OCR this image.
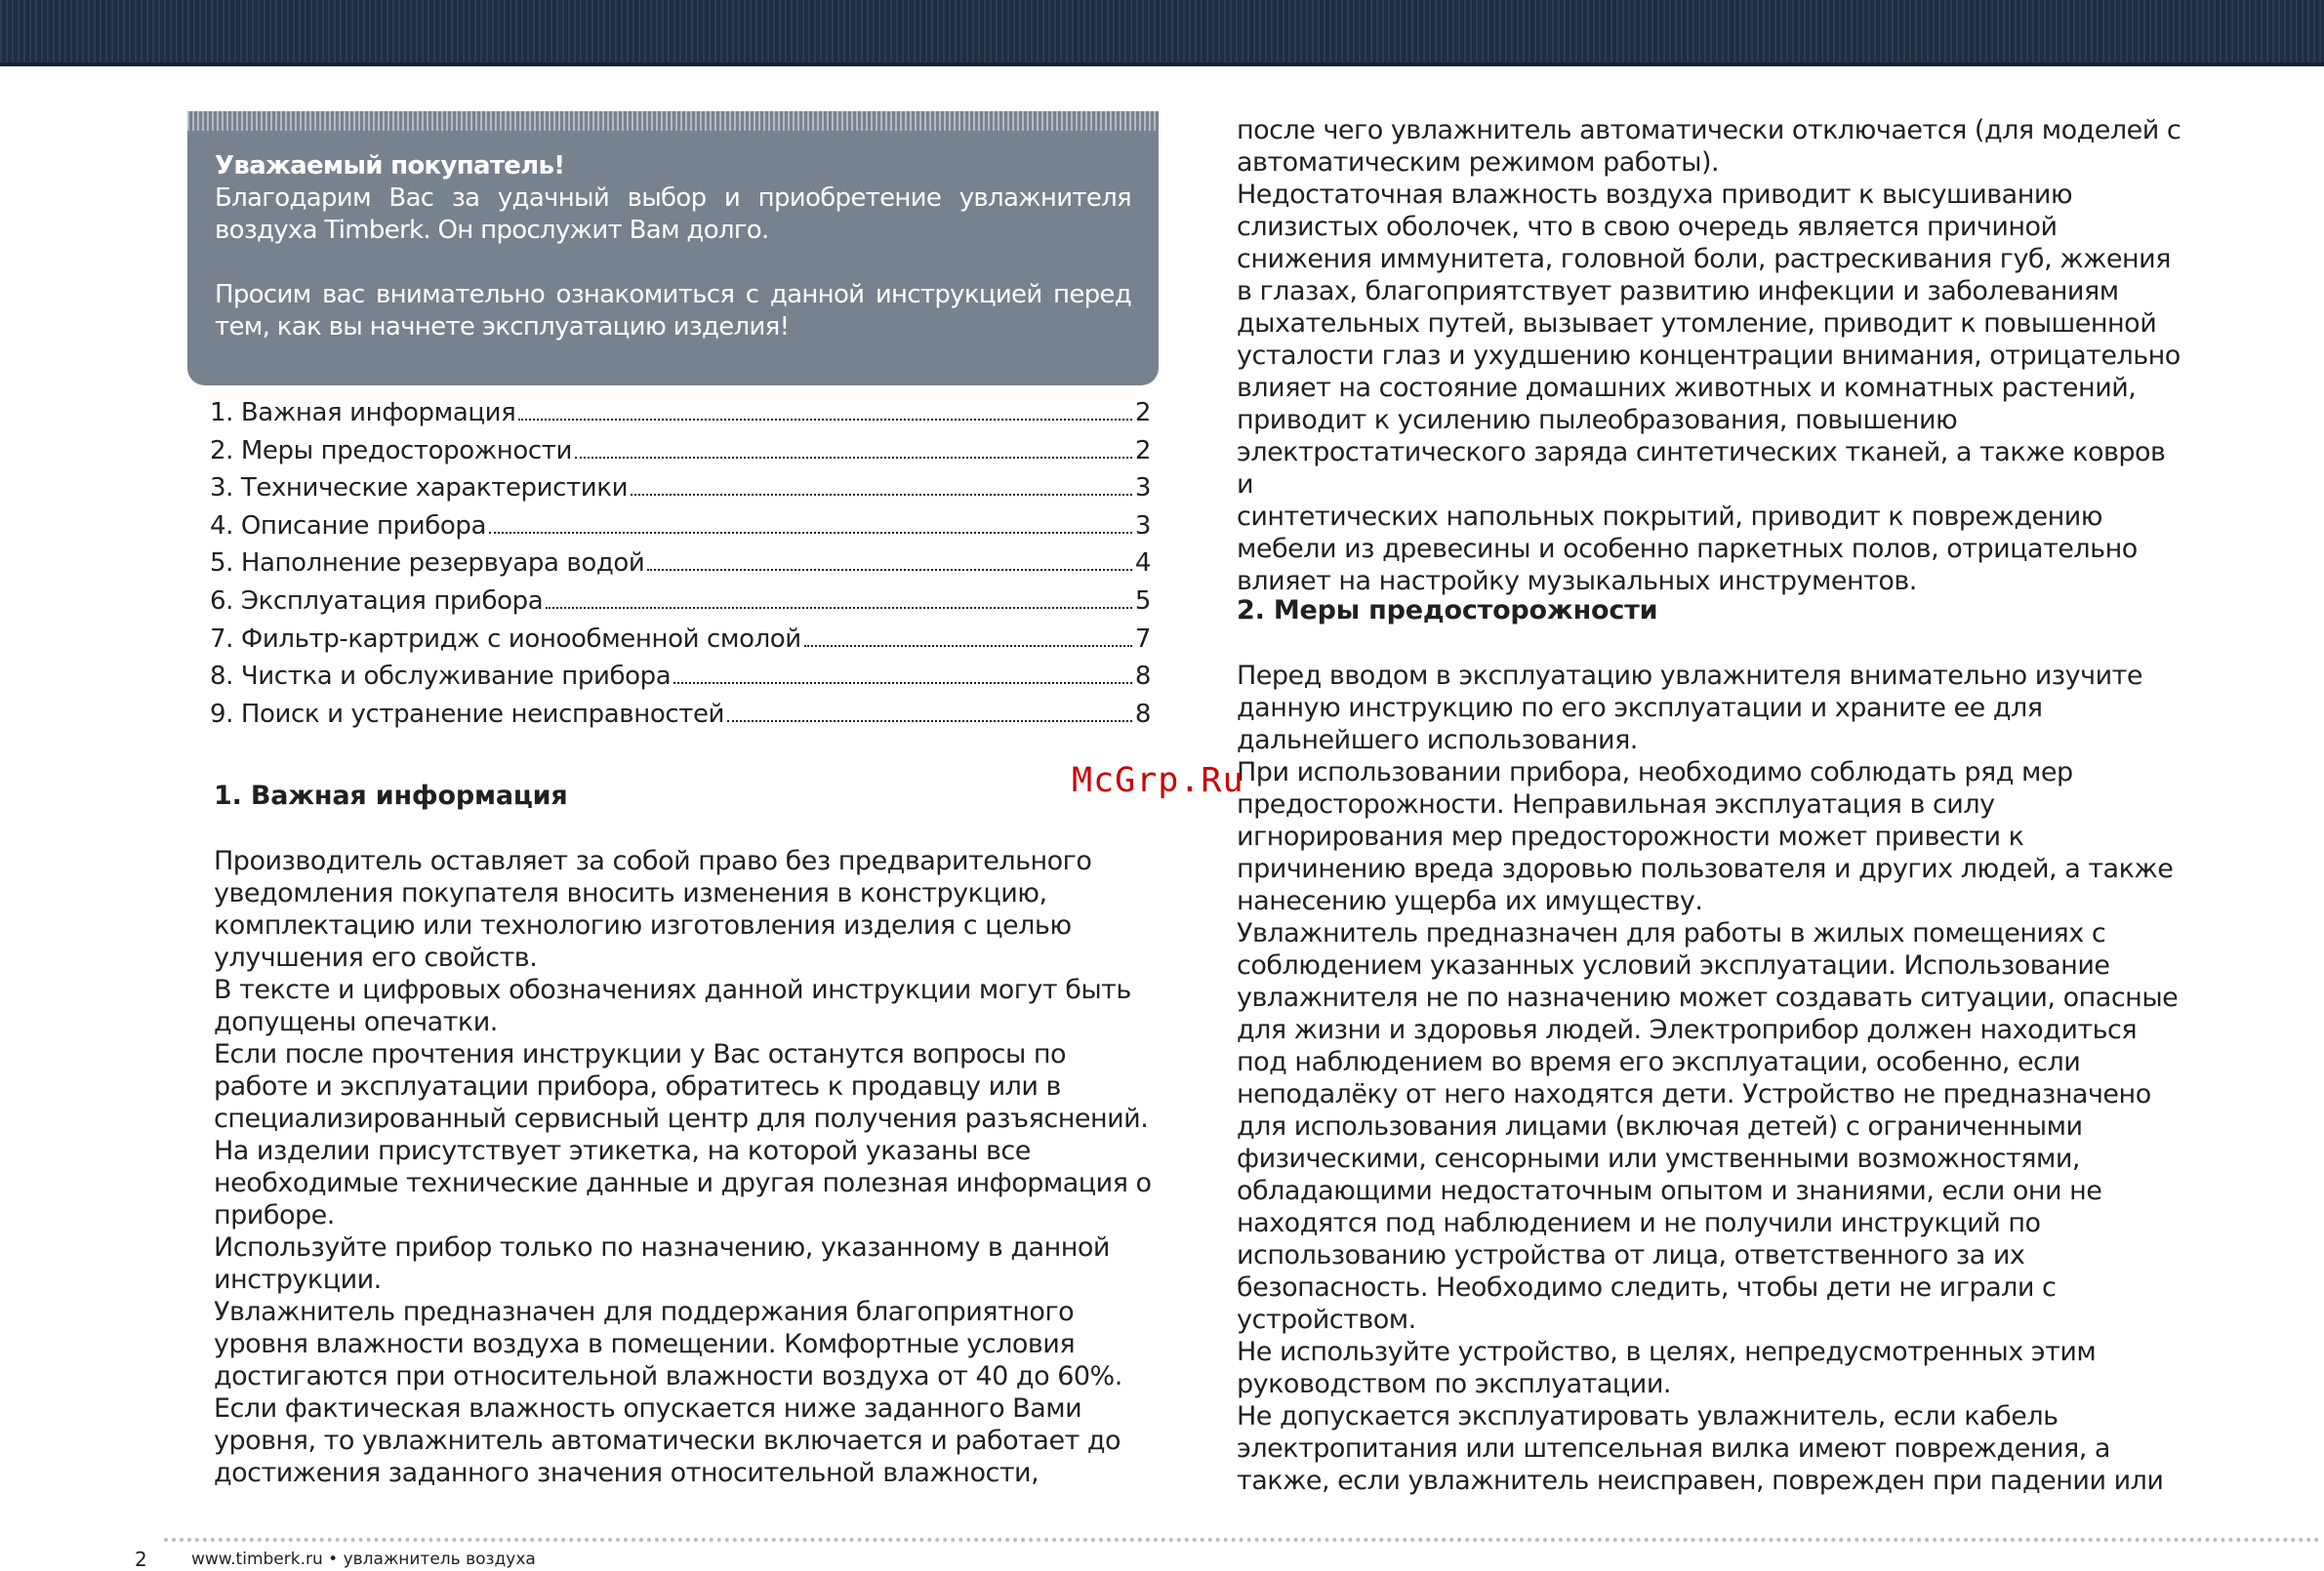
Уважаемый покупатель!

Благодарим Вас за удачный выбор и приобретение увлажнителя воздуха Timberk. Он прослужит Вам долго.

Просим вас внимательно ознакомиться с данной инструкцией перед тем, как вы начнете эксплуатацию изделия!

1. Важная информация	2
2. Меры предосторожности	2
3. Технические характеристики	3
4. Описание прибора	3
5. Наполнение резервуара водой	4
6. Эксплуатация прибора	5
7. Фильтр-картридж с ионообменной смолой	7
8. Чистка и обслуживание прибора	8
9. Поиск и устранение неисправностей	8
1. Важная информация

Производитель оставляет за собой право без предварительного

уведомления покупателя вносить изменения в конструкцию,

комплектацию или технологию изготовления изделия с целью

улучшения его свойств.

В тексте и цифровых обозначениях данной инструкции могут быть

допущены опечатки.

Если после прочтения инструкции у Вас останутся вопросы по

работе и эксплуатации прибора, обратитесь к продавцу или в

специализированный сервисный центр для получения разъяснений.

На изделии присутствует этикетка, на которой указаны все

необходимые технические данные и другая полезная информация о

приборе.

Используйте прибор только по назначению, указанному в данной

инструкции.

Увлажнитель предназначен для поддержания благоприятного

уровня влажности воздуха в помещении. Комфортные условия

достигаются при относительной влажности воздуха от 40 до 60%.

Если фактическая влажность опускается ниже заданного Вами

уровня, то увлажнитель автоматически включается и работает до

достижения заданного значения относительной влажности,

после чего увлажнитель автоматически отключается (для моделей с

автоматическим режимом работы).

Недостаточная влажность воздуха приводит к высушиванию

слизистых оболочек, что в свою очередь является причиной

снижения иммунитета, головной боли, растрескивания губ, жжения

в глазах, благоприятствует развитию инфекции и заболеваниям

дыхательных путей, вызывает утомление, приводит к повышенной

усталости глаз и ухудшению концентрации внимания, отрицательно

влияет на состояние домашних животных и комнатных растений,

приводит к усилению пылеобразования, повышению

электростатического заряда синтетических тканей, а также ковров и

синтетических напольных покрытий, приводит к повреждению

мебели из древесины и особенно паркетных полов, отрицательно

влияет на настройку музыкальных инструментов.

2. Меры предосторожности

Перед вводом в эксплуатацию увлажнителя внимательно изучите

данную инструкцию по его эксплуатации и храните ее для

дальнейшего использования.

При использовании прибора, необходимо соблюдать ряд мер

предосторожности. Неправильная эксплуатация в силу

игнорирования мер предосторожности может привести к

причинению вреда здоровью пользователя и других людей, а также

нанесению ущерба их имуществу.

Увлажнитель предназначен для работы в жилых помещениях с

соблюдением указанных условий эксплуатации. Использование

увлажнителя не по назначению может создавать ситуации, опасные

для жизни и здоровья людей. Электроприбор должен находиться

под наблюдением во время его эксплуатации, особенно, если

неподалёку от него находятся дети. Устройство не предназначено

для использования лицами (включая детей) с ограниченными

физическими, сенсорными или умственными возможностями,

обладающими недостаточным опытом и знаниями, если они не

находятся под наблюдением и не получили инструкций по

использованию устройства от лица, ответственного за их

безопасность. Необходимо следить, чтобы дети не играли с

устройством.

Не используйте устройство, в целях, непредусмотренных этим

руководством по эксплуатации.

Не допускается эксплуатировать увлажнитель, если кабель

электропитания или штепсельная вилка имеют повреждения, а

также, если увлажнитель неисправен, поврежден при падении или

McGrp.Ru
2	www.timberk.ru • увлажнитель воздуха
